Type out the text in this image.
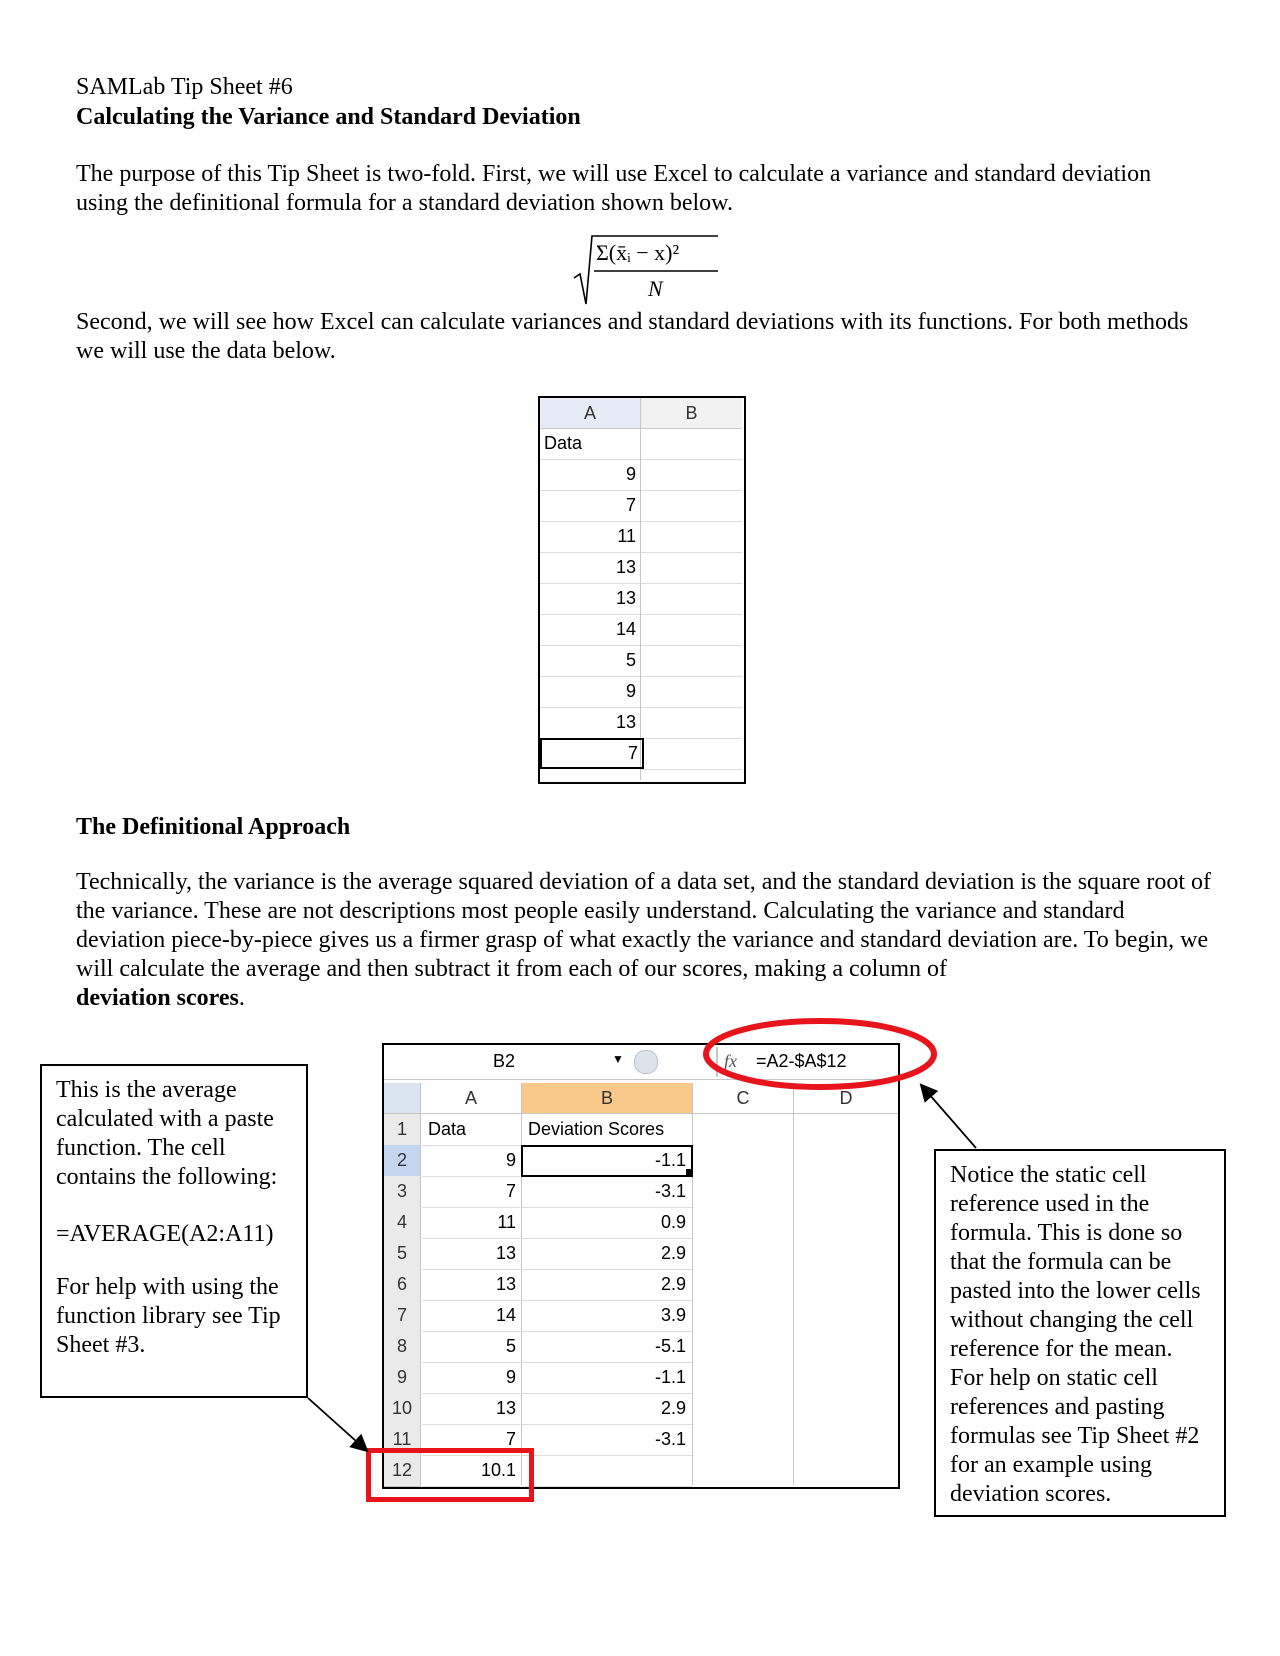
SAMLab Tip Sheet #6
Calculating the Variance and Standard Deviation
The purpose of this Tip Sheet is two-fold. First, we will use Excel to calculate a variance and standard deviation using the definitional formula for a standard deviation shown below.
Σ(x̄ᵢ − x)²
N
Second, we will see how Excel can calculate variances and standard deviations with its functions. For both methods we will use the data below.
A	B
Data
9
7
11
13
13
14
5
9
13
7
The Definitional Approach
Technically, the variance is the average squared deviation of a data set, and the standard deviation is the square root of the variance. These are not descriptions most people easily understand. Calculating the variance and standard deviation piece-by-piece gives us a firmer grasp of what exactly the variance and standard deviation are. To begin, we will calculate the average and then subtract it from each of our scores, making a column of
deviation scores.
This is the average calculated with a paste function. The cell contains the following:
=AVERAGE(A2:A11)
For help with using the function library see Tip Sheet #3.
B2	▼	fx =A2-$A$12
A	B	C	D
1	Data	Deviation Scores
2	9	-1.1
3	7	-3.1
4	11	0.9
5	13	2.9
6	13	2.9
7	14	3.9
8	5	-5.1
9	9	-1.1
10	13	2.9
11	7	-3.1
12	10.1
Notice the static cell reference used in the formula. This is done so that the formula can be pasted into the lower cells without changing the cell reference for the mean. For help on static cell references and pasting formulas see Tip Sheet #2 for an example using deviation scores.
